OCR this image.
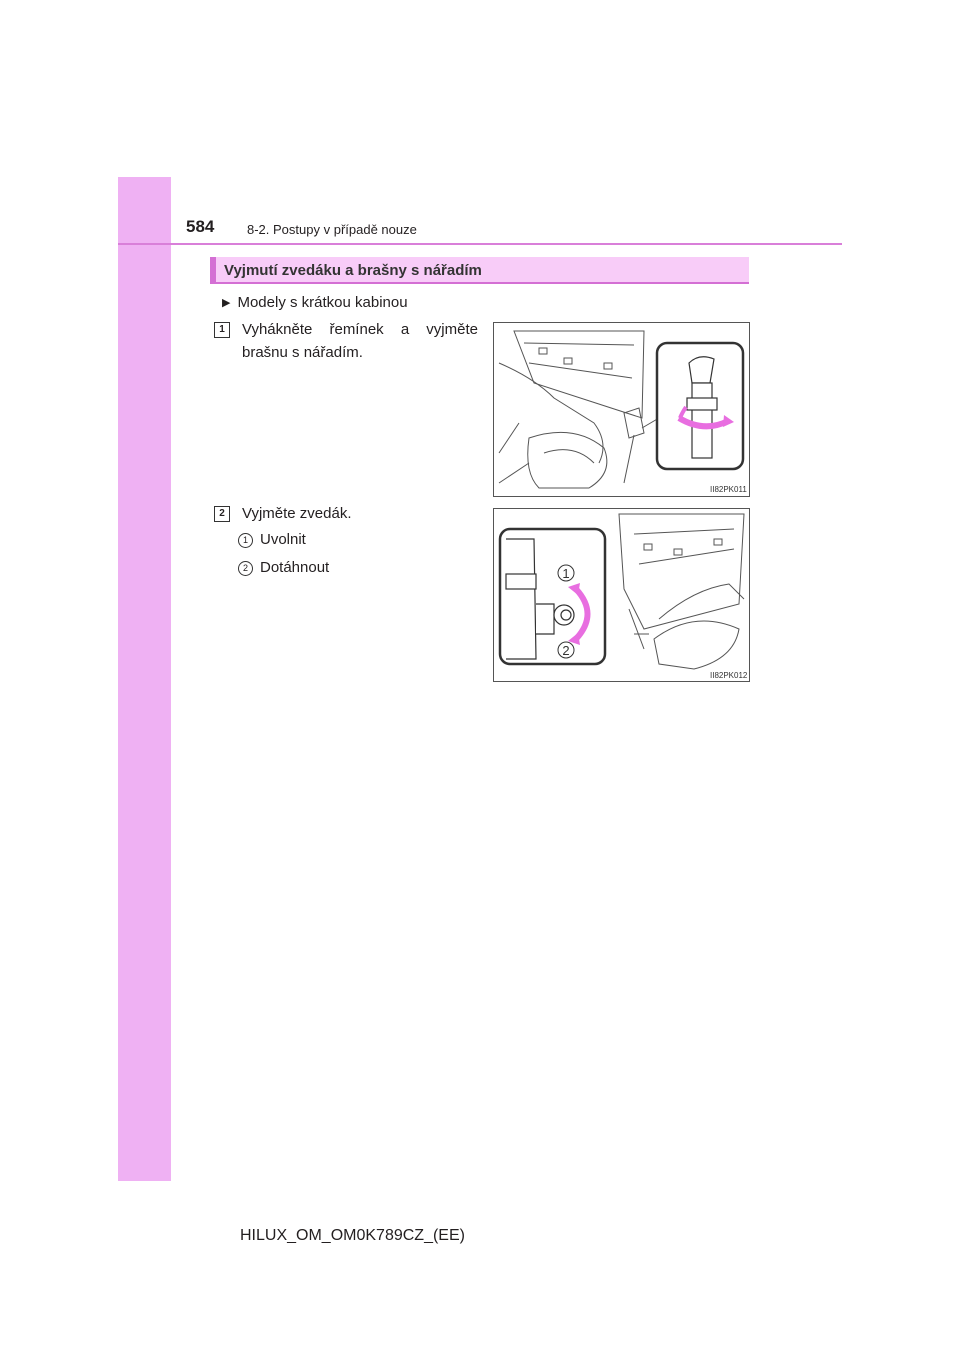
584	8-2. Postupy v případě nouze
Vyjmutí zvedáku a brašny s nářadím
▶ Modely s krátkou kabinou
1	Vyhákněte řemínek a vyjměte brašnu s nářadím.
2	Vyjměte zvedák.
1 Uvolnit
2 Dotáhnout
II82PK011
1
2
II82PK012
HILUX_OM_OM0K789CZ_(EE)
